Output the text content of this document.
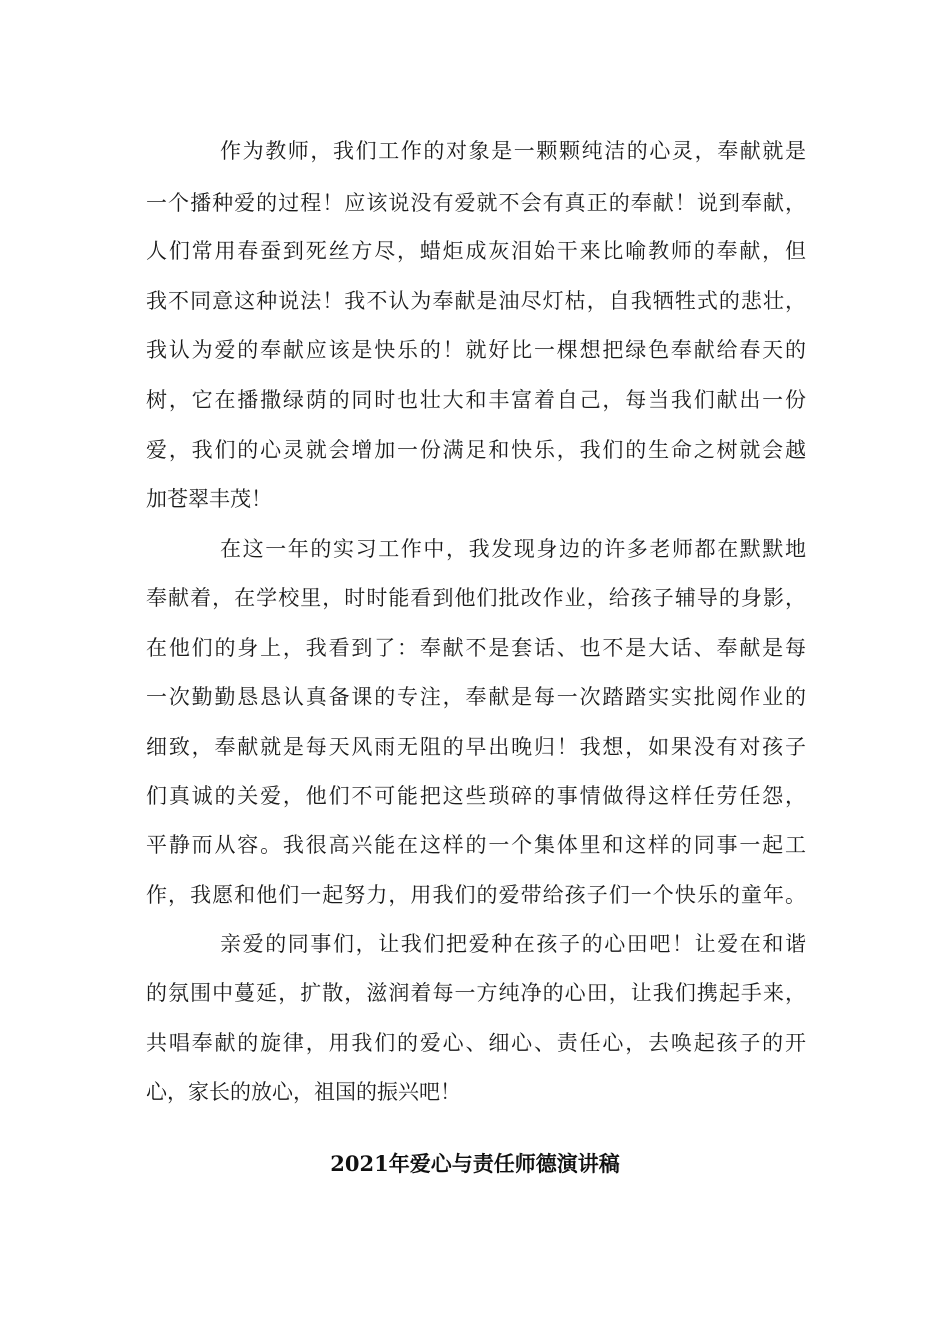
作为教师，我们工作的对象是一颗颗纯洁的心灵，奉献就是
一个播种爱的过程！应该说没有爱就不会有真正的奉献！说到奉献，
人们常用春蚕到死丝方尽，蜡炬成灰泪始干来比喻教师的奉献，但
我不同意这种说法！我不认为奉献是油尽灯枯，自我牺牲式的悲壮，
我认为爱的奉献应该是快乐的！就好比一棵想把绿色奉献给春天的
树，它在播撒绿荫的同时也壮大和丰富着自己，每当我们献出一份
爱，我们的心灵就会增加一份满足和快乐，我们的生命之树就会越
加苍翠丰茂！
在这一年的实习工作中，我发现身边的许多老师都在默默地
奉献着，在学校里，时时能看到他们批改作业，给孩子辅导的身影，
在他们的身上，我看到了：奉献不是套话、也不是大话、奉献是每
一次勤勤恳恳认真备课的专注，奉献是每一次踏踏实实批阅作业的
细致，奉献就是每天风雨无阻的早出晚归！我想，如果没有对孩子
们真诚的关爱，他们不可能把这些琐碎的事情做得这样任劳任怨，
平静而从容。我很高兴能在这样的一个集体里和这样的同事一起工
作，我愿和他们一起努力，用我们的爱带给孩子们一个快乐的童年。
亲爱的同事们，让我们把爱种在孩子的心田吧！让爱在和谐
的氛围中蔓延，扩散，滋润着每一方纯净的心田，让我们携起手来，
共唱奉献的旋律，用我们的爱心、细心、责任心，去唤起孩子的开
心，家长的放心，祖国的振兴吧！
2021年爱心与责任师德演讲稿
